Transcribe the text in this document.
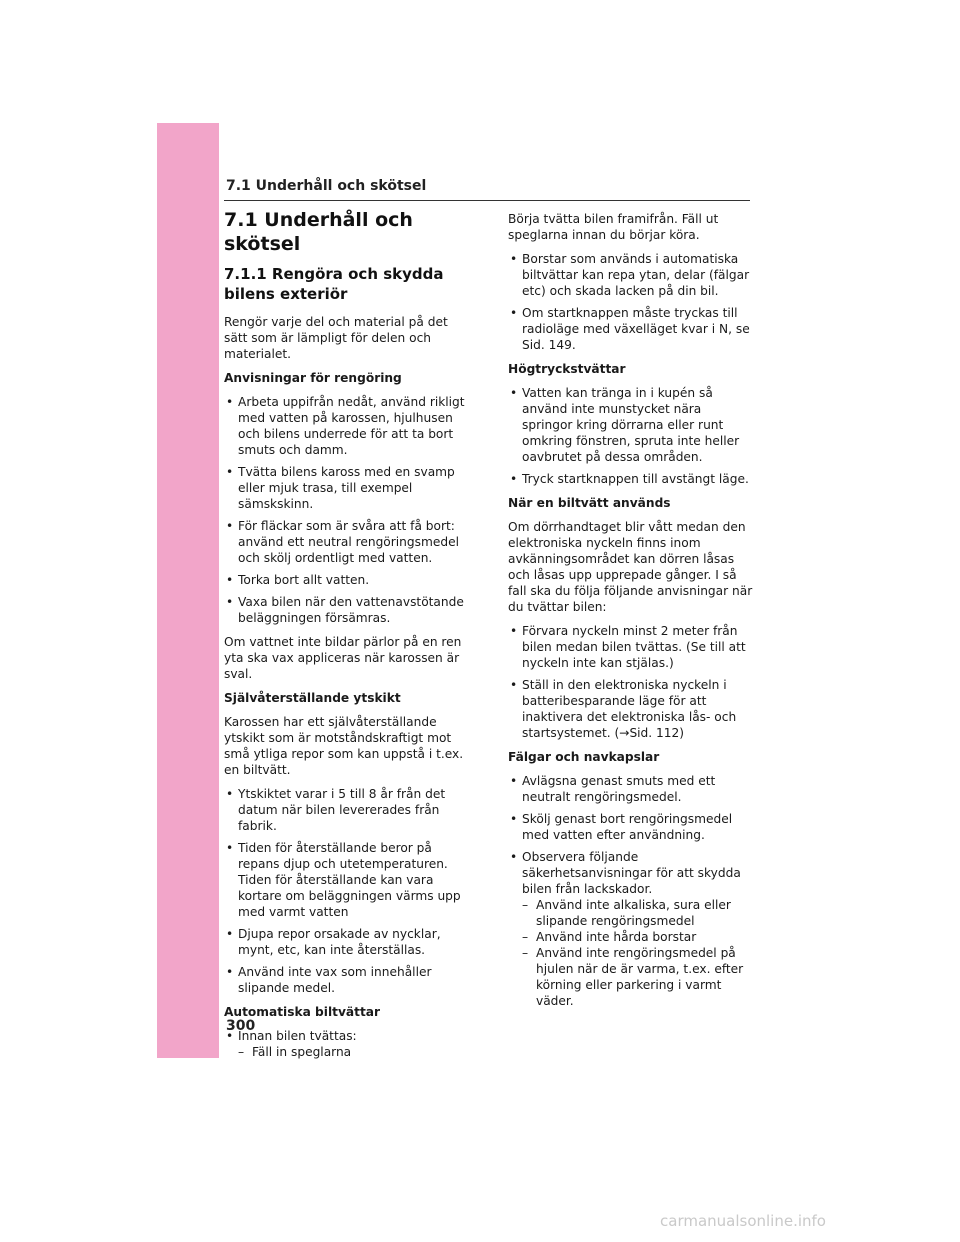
7.1 Underhåll och skötsel
7.1 Underhåll och skötsel
7.1.1 Rengöra och skydda bilens exteriör

Rengör varje del och material på det sätt som är lämpligt för delen och materialet.

Anvisningar för rengöring
• Arbeta uppifrån nedåt, använd rikligt med vatten på karossen, hjulhusen och bilens underrede för att ta bort smuts och damm.
• Tvätta bilens kaross med en svamp eller mjuk trasa, till exempel sämskskinn.
• För fläckar som är svåra att få bort: använd ett neutral rengöringsmedel och skölj ordentligt med vatten.
• Torka bort allt vatten.
• Vaxa bilen när den vattenavstötande beläggningen försämras.

Om vattnet inte bildar pärlor på en ren yta ska vax appliceras när karossen är sval.

Självåterställande ytskikt

Karossen har ett självåterställande ytskikt som är motståndskraftigt mot små ytliga repor som kan uppstå i t.ex. en biltvätt.

• Ytskiktet varar i 5 till 8 år från det datum när bilen levererades från fabrik.
• Tiden för återställande beror på repans djup och utetemperaturen. Tiden för återställande kan vara kortare om beläggningen värms upp med varmt vatten
• Djupa repor orsakade av nycklar, mynt, etc, kan inte återställas.
• Använd inte vax som innehåller slipande medel.
Automatiska biltvättar
• Innan bilen tvättas:
– Fäll in speglarna

Börja tvätta bilen framifrån. Fäll ut speglarna innan du börjar köra.

• Borstar som används i automatiska biltvättar kan repa ytan, delar (fälgar etc) och skada lacken på din bil.
• Om startknappen måste tryckas till radioläge med växelläget kvar i N, se Sid. 149.
Högtryckstvättar
• Vatten kan tränga in i kupén så använd inte munstycket nära springor kring dörrarna eller runt omkring fönstren, spruta inte heller oavbrutet på dessa områden.
• Tryck startknappen till avstängt läge.
När en biltvätt används

Om dörrhandtaget blir vått medan den elektroniska nyckeln finns inom avkänningsområdet kan dörren låsas och låsas upp upprepade gånger. I så fall ska du följa följande anvisningar när du tvättar bilen:

• Förvara nyckeln minst 2 meter från bilen medan bilen tvättas. (Se till att nyckeln inte kan stjälas.)
• Ställ in den elektroniska nyckeln i batteribesparande läge för att inaktivera det elektroniska lås- och startsystemet. (→Sid. 112)
Fälgar och navkapslar
• Avlägsna genast smuts med ett neutralt rengöringsmedel.
• Skölj genast bort rengöringsmedel med vatten efter användning.
• Observera följande säkerhetsanvisningar för att skydda bilen från lackskador.
– Använd inte alkaliska, sura eller slipande rengöringsmedel
– Använd inte hårda borstar
– Använd inte rengöringsmedel på hjulen när de är varma, t.ex. efter körning eller parkering i varmt väder.
300
carmanualsonline.info
